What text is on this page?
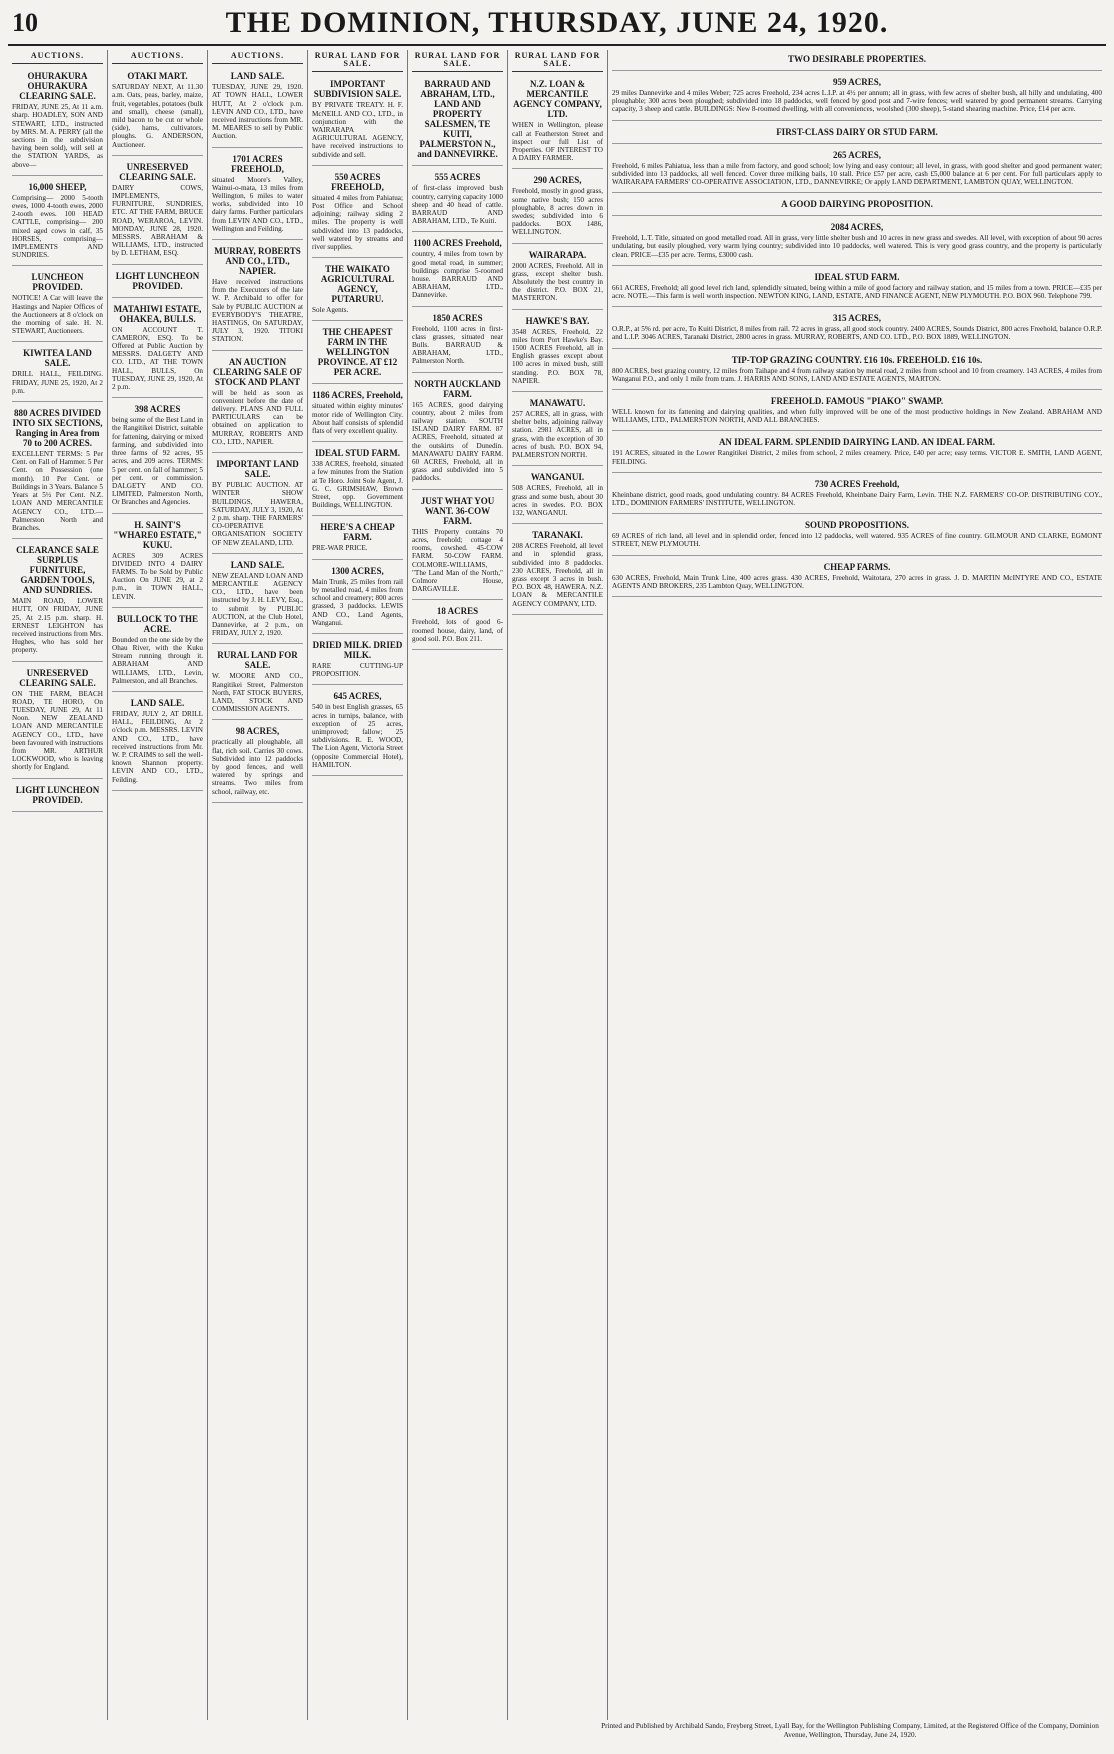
10	THE DOMINION, THURSDAY, JUNE 24, 1920.
AUCTIONS.
OHURAKURA OHURAKURA CLEARING SALE.

FRIDAY, JUNE 25, At 11 a.m. sharp. HOADLEY, SON AND STEWART, LTD., instructed by MRS. M. A. PERRY (all the sections in the subdivision having been sold), will sell at the STATION YARDS, as above—

16,000 SHEEP,

Comprising— 2000 5-tooth ewes, 1000 4-tooth ewes, 2000 2-tooth ewes. 100 HEAD CATTLE, comprising— 200 mixed aged cows in calf, 35 HORSES, comprising— IMPLEMENTS AND SUNDRIES.

LUNCHEON PROVIDED.

NOTICE! A Car will leave the Hastings and Napier Offices of the Auctioneers at 8 o'clock on the morning of sale. H. N. STEWART, Auctioneers.

KIWITEA LAND SALE.

DRILL HALL, FEILDING. FRIDAY, JUNE 25, 1920, At 2 p.m.

880 ACRES DIVIDED INTO SIX SECTIONS, Ranging in Area from 70 to 200 ACRES.

EXCELLENT TERMS: 5 Per Cent. on Fall of Hammer. 5 Per Cent. on Possession (one month). 10 Per Cent. or Buildings in 3 Years. Balance 5 Years at 5½ Per Cent. N.Z. LOAN AND MERCANTILE AGENCY CO., LTD.— Palmerston North and Branches.

CLEARANCE SALE SURPLUS FURNITURE, GARDEN TOOLS, AND SUNDRIES.

MAIN ROAD, LOWER HUTT, ON FRIDAY, JUNE 25, At 2.15 p.m. sharp. H. ERNEST LEIGHTON has received instructions from Mrs. Hughes, who has sold her property.

UNRESERVED CLEARING SALE.

ON THE FARM, BEACH ROAD, TE HORO, On TUESDAY, JUNE 29, At 11 Noon. NEW ZEALAND LOAN AND MERCANTILE AGENCY CO., LTD., have been favoured with instructions from MR. ARTHUR LOCKWOOD, who is leaving shortly for England.

LIGHT LUNCHEON PROVIDED.

AUCTIONS.
OTAKI MART.

SATURDAY NEXT, At 11.30 a.m. Oats, peas, barley, maize, fruit, vegetables, potatoes (bulk and small), cheese (small), mild bacon to be cut or whole (side), hams, cultivators, ploughs. G. ANDERSON, Auctioneer.

UNRESERVED CLEARING SALE.

DAIRY COWS, IMPLEMENTS, FURNITURE, SUNDRIES, ETC. AT THE FARM, BRUCE ROAD, WERAROA, LEVIN. MONDAY, JUNE 28, 1920. MESSRS. ABRAHAM & WILLIAMS, LTD., instructed by D. LETHAM, ESQ.

LIGHT LUNCHEON PROVIDED.

MATAHIWI ESTATE, OHAKEA, BULLS.

ON ACCOUNT T. CAMERON, ESQ. To be Offered at Public Auction by MESSRS. DALGETY AND CO. LTD., AT THE TOWN HALL, BULLS, On TUESDAY, JUNE 29, 1920, At 2 p.m.

398 ACRES

being some of the Best Land in the Rangitikei District, suitable for fattening, dairying or mixed farming, and subdivided into three farms of 92 acres, 95 acres, and 209 acres. TERMS: 5 per cent. on fall of hammer; 5 per cent. or commission. DALGETY AND CO. LIMITED, Palmerston North, Or Branches and Agencies.

H. SAINT'S "WHARE0 ESTATE," KUKU.

ACRES 309 ACRES DIVIDED INTO 4 DAIRY FARMS. To be Sold by Public Auction On JUNE 29, at 2 p.m., in TOWN HALL, LEVIN.

BULLOCK TO THE ACRE.

Bounded on the one side by the Ohau River, with the Kuku Stream running through it. ABRAHAM AND WILLIAMS, LTD., Levin, Palmerston, and all Branches.

LAND SALE.

FRIDAY, JULY 2, AT DRILL HALL, FEILDING, At 2 o'clock p.m. MESSRS. LEVIN AND CO., LTD., have received instructions from Mr. W. P. CRAIMS to sell the well-known Shannon property. LEVIN AND CO., LTD., Feilding.

AUCTIONS.
LAND SALE.

TUESDAY, JUNE 29, 1920. AT TOWN HALL, LOWER HUTT, At 2 o'clock p.m. LEVIN AND CO., LTD., have received instructions from MR. M. MEARES to sell by Public Auction.

1701 ACRES FREEHOLD,

situated Moore's Valley, Wainui-o-mata, 13 miles from Wellington, 6 miles to water works, subdivided into 10 dairy farms. Further particulars from LEVIN AND CO., LTD., Wellington and Feilding.

MURRAY, ROBERTS AND CO., LTD., NAPIER.

Have received instructions from the Executors of the late W. P. Archibald to offer for Sale by PUBLIC AUCTION at EVERYBODY'S THEATRE, HASTINGS, On SATURDAY, JULY 3, 1920. TITOKI STATION.

AN AUCTION CLEARING SALE OF STOCK AND PLANT

will be held as soon as convenient before the date of delivery. PLANS AND FULL PARTICULARS can be obtained on application to MURRAY, ROBERTS AND CO., LTD., NAPIER.

IMPORTANT LAND SALE.

BY PUBLIC AUCTION. AT WINTER SHOW BUILDINGS, HAWERA, SATURDAY, JULY 3, 1920, At 2 p.m. sharp. THE FARMERS' CO-OPERATIVE ORGANISATION SOCIETY OF NEW ZEALAND, LTD.

LAND SALE.

NEW ZEALAND LOAN AND MERCANTILE AGENCY CO., LTD., have been instructed by J. H. LEVY, Esq., to submit by PUBLIC AUCTION, at the Club Hotel, Dannevirke, at 2 p.m., on FRIDAY, JULY 2, 1920.

RURAL LAND FOR SALE.

W. MOORE AND CO., Rangitikei Street, Palmerston North, FAT STOCK BUYERS, LAND, STOCK AND COMMISSION AGENTS.

98 ACRES,

practically all ploughable, all flat, rich soil. Carries 30 cows. Subdivided into 12 paddocks by good fences, and well watered by springs and streams. Two miles from school, railway, etc.

RURAL LAND FOR SALE.
IMPORTANT SUBDIVISION SALE.

BY PRIVATE TREATY. H. F. McNEILL AND CO., LTD., in conjunction with the WAIRARAPA AGRICULTURAL AGENCY, have received instructions to subdivide and sell.

550 ACRES FREEHOLD,

situated 4 miles from Pahiatua; Post Office and School adjoining; railway siding 2 miles. The property is well subdivided into 13 paddocks, well watered by streams and river supplies.

THE WAIKATO AGRICULTURAL AGENCY, PUTARURU.

Sole Agents.

THE CHEAPEST FARM IN THE WELLINGTON PROVINCE. AT £12 PER ACRE.

1186 ACRES, Freehold,

situated within eighty minutes' motor ride of Wellington City. About half consists of splendid flats of very excellent quality.

IDEAL STUD FARM.

338 ACRES, freehold, situated a few minutes from the Station at Te Horo. Joint Sole Agent, J. G. C. GRIMSHAW, Brown Street, opp. Government Buildings, WELLINGTON.

HERE'S A CHEAP FARM.

PRE-WAR PRICE.

1300 ACRES,

Main Trunk, 25 miles from rail by metalled road, 4 miles from school and creamery; 800 acres grassed, 3 paddocks. LEWIS AND CO., Land Agents, Wanganui.

DRIED MILK. DRIED MILK.

RARE CUTTING-UP PROPOSITION.

645 ACRES,

540 in best English grasses, 65 acres in turnips, balance, with exception of 25 acres, unimproved; fallow; 25 subdivisions. R. E. WOOD, The Lion Agent, Victoria Street (opposite Commercial Hotel), HAMILTON.

RURAL LAND FOR SALE.
BARRAUD AND ABRAHAM, LTD., LAND AND PROPERTY SALESMEN, TE KUITI, PALMERSTON N., and DANNEVIRKE.

555 ACRES

of first-class improved bush country, carrying capacity 1000 sheep and 40 head of cattle. BARRAUD AND ABRAHAM, LTD., Te Kuiti.

1100 ACRES Freehold,

country, 4 miles from town by good metal road, in summer; buildings comprise 5-roomed house. BARRAUD AND ABRAHAM, LTD., Dannevirke.

1850 ACRES

Freehold, 1100 acres in first-class grasses, situated near Bulls. BARRAUD & ABRAHAM, LTD., Palmerston North.

NORTH AUCKLAND FARM.

165 ACRES, good dairying country, about 2 miles from railway station. SOUTH ISLAND DAIRY FARM. 87 ACRES, Freehold, situated at the outskirts of Dunedin. MANAWATU DAIRY FARM. 60 ACRES, Freehold, all in grass and subdivided into 5 paddocks.

JUST WHAT YOU WANT. 36-COW FARM.

THIS Property contains 70 acres, freehold; cottage 4 rooms, cowshed. 45-COW FARM. 50-COW FARM. COLMORE-WILLIAMS, "The Land Man of the North," Colmore House, DARGAVILLE.

18 ACRES

Freehold, lots of good 6-roomed house, dairy, land, of good soil. P.O. Box 211.

RURAL LAND FOR SALE.
N.Z. LOAN & MERCANTILE AGENCY COMPANY, LTD.

WHEN in Wellington, please call at Featherston Street and inspect our full List of Properties. OF INTEREST TO A DAIRY FARMER.

290 ACRES,

Freehold, mostly in good grass, some native bush; 150 acres ploughable, 8 acres down in swedes; subdivided into 6 paddocks. BOX 1486, WELLINGTON.

WAIRARAPA.

2000 ACRES, Freehold. All in grass, except shelter bush. Absolutely the best country in the district. P.O. BOX 21, MASTERTON.

HAWKE'S BAY.

3548 ACRES, Freehold, 22 miles from Port Hawke's Bay. 1500 ACRES Freehold, all in English grasses except about 100 acres in mixed bush, still standing. P.O. BOX 78, NAPIER.

MANAWATU.

257 ACRES, all in grass, with shelter belts, adjoining railway station. 2981 ACRES, all in grass, with the exception of 30 acres of bush. P.O. BOX 94, PALMERSTON NORTH.

WANGANUI.

508 ACRES, Freehold, all in grass and some bush, about 30 acres in swedes. P.O. BOX 132, WANGANUI.

TARANAKI.

208 ACRES Freehold, all level and in splendid grass, subdivided into 8 paddocks. 230 ACRES, Freehold, all in grass except 3 acres in bush. P.O. BOX 48, HAWERA. N.Z. LOAN & MERCANTILE AGENCY COMPANY, LTD.

TWO DESIRABLE PROPERTIES.

959 ACRES,

29 miles Dannevirke and 4 miles Weber; 725 acres Freehold, 234 acres L.I.P. at 4½ per annum; all in grass, with few acres of shelter bush, all hilly and undulating, 400 ploughable; 300 acres been ploughed; subdivided into 18 paddocks, well fenced by good post and 7-wire fences; well watered by good permanent streams. Carrying capacity, 3 sheep and cattle. BUILDINGS: New 8-roomed dwelling, with all conveniences, woolshed (300 sheep), 5-stand shearing machine. Price, £14 per acre.

FIRST-CLASS DAIRY OR STUD FARM.

265 ACRES,

Freehold, 6 miles Pahiatua, less than a mile from factory, and good school; low lying and easy contour; all level, in grass, with good shelter and good permanent water; subdivided into 13 paddocks, all well fenced. Cover three milking bails, 10 stall. Price £57 per acre, cash £5,000 balance at 6 per cent. For full particulars apply to WAIRARAPA FARMERS' CO-OPERATIVE ASSOCIATION, LTD., DANNEVIRKE; Or apply LAND DEPARTMENT, LAMBTON QUAY, WELLINGTON.

A GOOD DAIRYING PROPOSITION.

2084 ACRES,

Freehold, L.T. Title, situated on good metalled road. All in grass, very little shelter bush and 10 acres in new grass and swedes. All level, with exception of about 90 acres undulating, but easily ploughed, very warm lying country; subdivided into 10 paddocks, well watered. This is very good grass country, and the property is particularly clean. PRICE—£35 per acre. Terms, £3000 cash.

IDEAL STUD FARM.

661 ACRES, Freehold; all good level rich land, splendidly situated, being within a mile of good factory and railway station, and 15 miles from a town. PRICE—£35 per acre. NOTE.—This farm is well worth inspection. NEWTON KING, LAND, ESTATE, AND FINANCE AGENT, NEW PLYMOUTH. P.O. BOX 960. Telephone 799.

315 ACRES,

O.R.P., at 5% rd. per acre, To Kuiti District, 8 miles from rail. 72 acres in grass, all good stock country. 2400 ACRES, Sounds District, 800 acres Freehold, balance O.R.P. and L.I.P. 3046 ACRES, Taranaki District, 2800 acres in grass. MURRAY, ROBERTS, AND CO. LTD., P.O. BOX 1889, WELLINGTON.

TIP-TOP GRAZING COUNTRY. £16 10s. FREEHOLD. £16 10s.

800 ACRES, best grazing country, 12 miles from Taihape and 4 from railway station by metal road, 2 miles from school and 10 from creamery. 143 ACRES, 4 miles from Wanganui P.O., and only 1 mile from tram. J. HARRIS AND SONS, LAND AND ESTATE AGENTS, MARTON.

FREEHOLD. FAMOUS "PIAKO" SWAMP.

WELL known for its fattening and dairying qualities, and when fully improved will be one of the most productive holdings in New Zealand. ABRAHAM AND WILLIAMS, LTD., PALMERSTON NORTH, AND ALL BRANCHES.

AN IDEAL FARM. SPLENDID DAIRYING LAND. AN IDEAL FARM.

191 ACRES, situated in the Lower Rangitikei District, 2 miles from school, 2 miles creamery. Price, £40 per acre; easy terms. VICTOR E. SMITH, LAND AGENT, FEILDING.

730 ACRES Freehold,

Kheinbane district, good roads, good undulating country. 84 ACRES Freehold, Kheinbane Dairy Farm, Levin. THE N.Z. FARMERS' CO-OP. DISTRIBUTING COY., LTD., DOMINION FARMERS' INSTITUTE, WELLINGTON.

SOUND PROPOSITIONS.

69 ACRES of rich land, all level and in splendid order, fenced into 12 paddocks, well watered. 935 ACRES of fine country. GILMOUR AND CLARKE, EGMONT STREET, NEW PLYMOUTH.

CHEAP FARMS.

630 ACRES, Freehold, Main Trunk Line, 400 acres grass. 430 ACRES, Freehold, Waitotara, 270 acres in grass. J. D. MARTIN McINTYRE AND CO., ESTATE AGENTS AND BROKERS, 235 Lambton Quay, WELLINGTON.

Printed and Published by Archibald Sando, Freyberg Street, Lyall Bay, for the Wellington Publishing Company, Limited, at the Registered Office of the Company, Dominion Avenue, Wellington, Thursday, June 24, 1920.
